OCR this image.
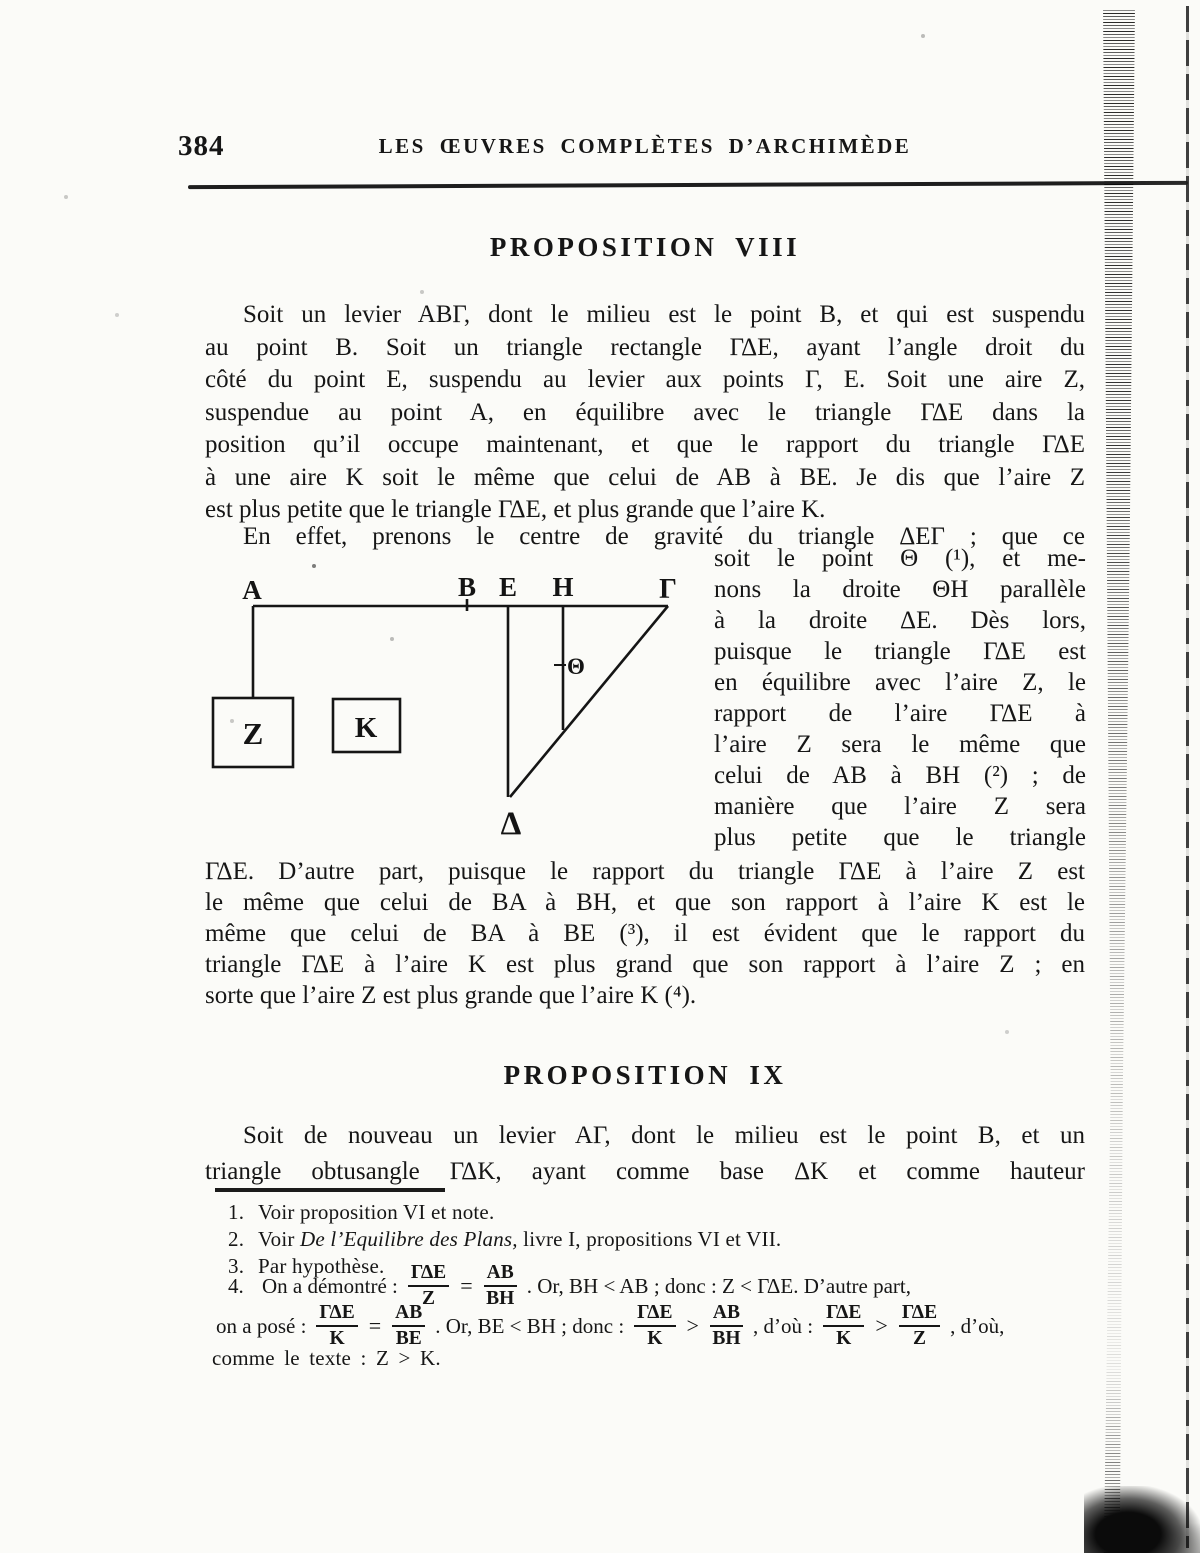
384	LES ŒUVRES COMPLÈTES D’ARCHIMÈDE
PROPOSITION VIII
Soit un levier ABΓ, dont le milieu est le point B, et qui est suspendu
au point B. Soit un triangle rectangle ΓΔE, ayant l’angle droit du
côté du point E, suspendu au levier aux points Γ, E. Soit une aire Z,
suspendue au point A, en équilibre avec le triangle ΓΔE dans la
position qu’il occupe maintenant, et que le rapport du triangle ΓΔE
à une aire K soit le même que celui de AB à BE. Je dis que l’aire Z
est plus petite que le triangle ΓΔE, et plus grande que l’aire K.
En effet, prenons le centre de gravité du triangle ΔEΓ ; que ce
A	B E H	Γ
Θ
Δ
Z	K
soit le point Θ (¹), et me-
nons la droite ΘH parallèle
à la droite ΔE. Dès lors,
puisque le triangle ΓΔE est
en équilibre avec l’aire Z, le
rapport de l’aire ΓΔE à
l’aire Z sera le même que
celui de AB à BH (²) ; de
manière que l’aire Z sera
plus petite que le triangle
ΓΔE. D’autre part, puisque le rapport du triangle ΓΔE à l’aire Z est
le même que celui de BA à BH, et que son rapport à l’aire K est le
même que celui de BA à BE (³), il est évident que le rapport du
triangle ΓΔE à l’aire K est plus grand que son rapport à l’aire Z ; en
sorte que l’aire Z est plus grande que l’aire K (⁴).
PROPOSITION IX
Soit de nouveau un levier AΓ, dont le milieu est le point B, et un
triangle obtusangle ΓΔK, ayant comme base ΔK et comme hauteur
1. Voir proposition VI et note.
2. Voir De l’Equilibre des Plans, livre I, propositions VI et VII.
3. Par hypothèse.
4. On a démontré : $\frac{\text{ΓΔE}}{Z} = \frac{AB}{BH}$ . Or, BH < AB ; donc : Z < ΓΔE. D’autre part,
on a posé : $\frac{\text{ΓΔE}}{K} = \frac{AB}{BE}$ . Or, BE < BH ; donc : $\frac{\text{ΓΔE}}{K} > \frac{AB}{BH}$ , d’où : $\frac{\text{ΓΔE}}{K} > \frac{\text{ΓΔE}}{Z}$ , d’où,
comme le texte : Z > K.
